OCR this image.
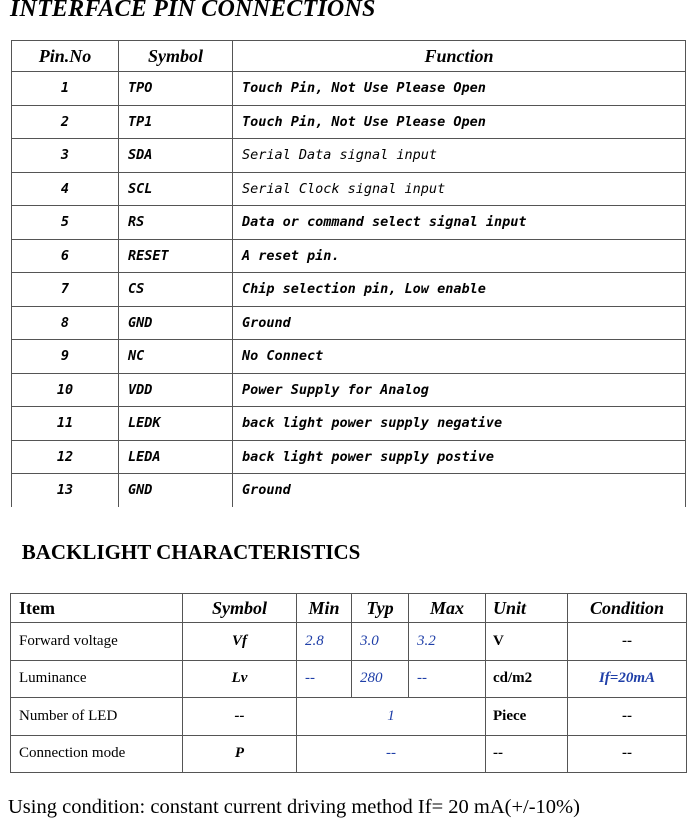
INTERFACE PIN CONNECTIONS
Pin.No	Symbol	Function
1	TPO	Touch Pin, Not Use Please Open
2	TP1	Touch Pin, Not Use Please Open
3	SDA	Serial Data signal input
4	SCL	Serial Clock signal input
5	RS	Data or command select signal input
6	RESET	A reset pin.
7	CS	Chip selection pin, Low enable
8	GND	Ground
9	NC	No Connect
10	VDD	Power Supply for Analog
11	LEDK	back light power supply negative
12	LEDA	back light power supply postive
13	GND	Ground
BACKLIGHT CHARACTERISTICS
Item	Symbol	Min	Typ	Max	Unit	Condition
Forward voltage	Vf	2.8	3.0	3.2	V	--
Luminance	Lv	--	280	--	cd/m2	If=20mA
Number of LED	--	1			Piece	--
Connection mode	P	--			--	--

Using condition: constant current driving method If= 20 mA(+/-10%)
